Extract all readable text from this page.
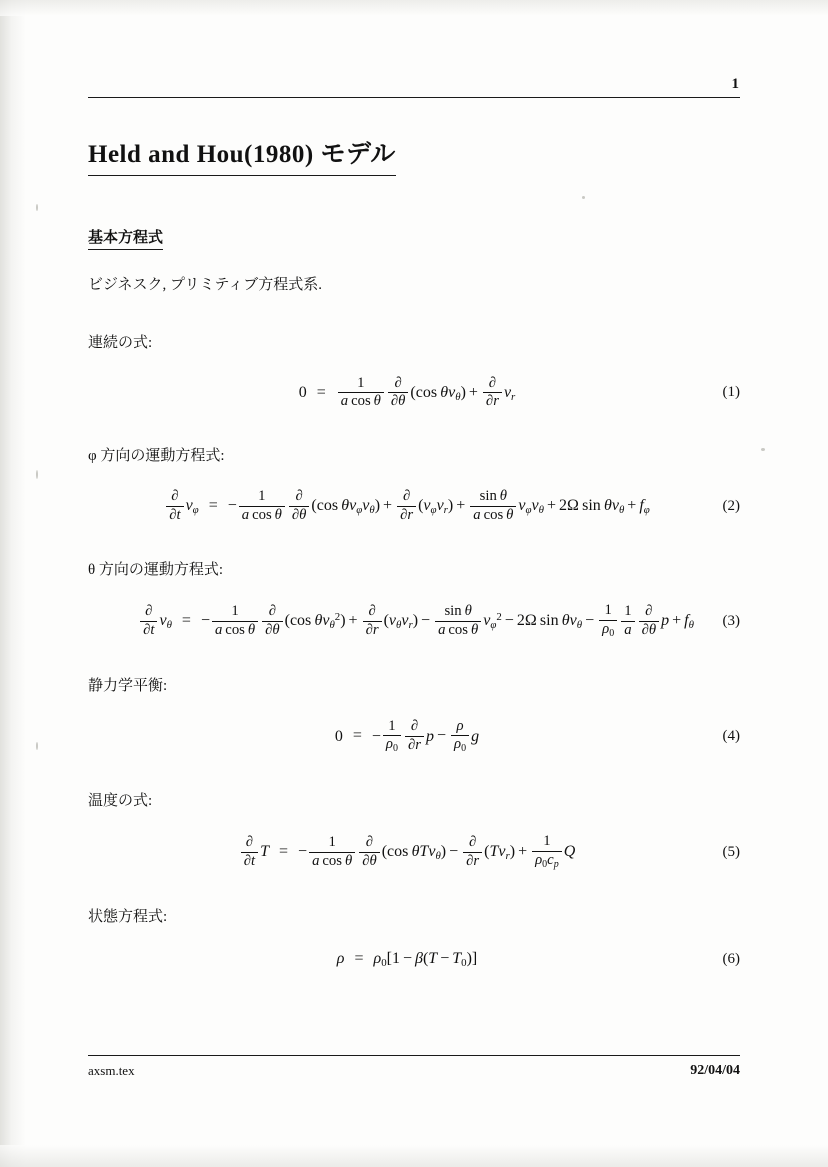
1
Held and Hou(1980) モデル
基本方程式
ビジネスク, プリミティブ方程式系.
連続の式:
$0 = \frac{1}{\text{a  cos  θ}} \frac{\partial}{\partial\theta} (\cos$  $\theta v_\theta) + \frac{\partial}{\partial r} v_r$	(1)
φ 方向の運動方程式:
$\frac{\partial}{\partial t} v_\varphi$ = − $\frac{1}{\text{a  cos  θ}} \frac{\partial}{\partial\theta} (\cos$  $\theta v_\varphi v_\theta) + \frac{\partial}{\partial r} (v_\varphi v_r) + \frac{\text{sin  θ}}{\text{a  cos  θ}} v_\varphi v_\theta + 2\Omega$ $\sin \theta v_\theta + f_\varphi$	(2)
θ 方向の運動方程式:
$\frac{\partial}{\partial t} v_\theta$ = − $\frac{1}{\text{a  cos  θ}} \frac{\partial}{\partial\theta} (\cos$  $\theta v_\theta^2) + \frac{\partial}{\partial r} (v_\theta v_r) - \frac{\text{sin  θ}}{\text{a  cos  θ}} v_\varphi^2 - 2\Omega$ $\sin \theta v_\theta - \frac{1}{\rho_0} \frac{1}{a} \frac{\partial}{\partial\theta}$ $p + f_\theta$	(3)
静力学平衡:
0 = − $\frac{1}{\rho_0} \frac{\partial}{\partial r}$ $p - \frac{\rho}{\rho_0}$ g	(4)
温度の式:
$\frac{\partial}{\partial t}$ T = − $\frac{1}{\text{a  cos  θ}} \frac{\partial}{\partial\theta} (\cos$  $\theta Tv_\theta) - \frac{\partial}{\partial r} (Tv_r) + \frac{1}{\rho_0c_p}$ Q	(5)
状態方程式:
$\rho = \rho_0[1 - \beta(T - T_0)]$	(6)
axsm.tex	92/04/04
